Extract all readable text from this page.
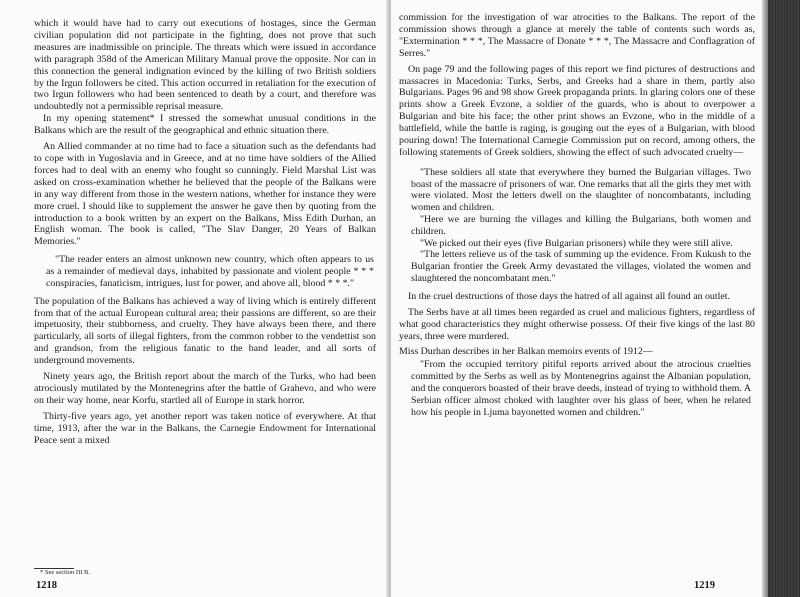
which it would have had to carry out executions of hostages, since the German civilian population did not participate in the fighting, does not prove that such measures are inadmissible on principle. The threats which were issued in accordance with paragraph 358d of the American Military Manual prove the opposite. Nor can in this connection the general indignation evinced by the killing of two British soldiers by the Irgun followers be cited. This action occurred in retaliation for the execution of two Irgun followers who had been sentenced to death by a court, and therefore was undoubtedly not a permissible reprisal measure.

In my opening statement* I stressed the somewhat unusual conditions in the Balkans which are the result of the geographical and ethnic situation there.

An Allied commander at no time had to face a situation such as the defendants had to cope with in Yugoslavia and in Greece, and at no time have soldiers of the Allied forces had to deal with an enemy who fought so cunningly. Field Marshal List was asked on cross-examination whether he believed that the people of the Balkans were in any way different from those in the western nations, whether for instance they were more cruel. I should like to supplement the answer he gave then by quoting from the introduction to a book written by an expert on the Balkans, Miss Edith Durhan, an English woman. The book is called, "The Slav Danger, 20 Years of Balkan Memories."

"The reader enters an almost unknown new country, which often appears to us as a remainder of medieval days, inhabited by passionate and violent people * * * conspiracies, fanaticism, intrigues, lust for power, and above all, blood * * *."

The population of the Balkans has achieved a way of living which is entirely different from that of the actual European cultural area; their passions are different, so are their impetuosity, their stubborness, and cruelty. They have always been there, and there particularly, all sorts of illegal fighters, from the common robber to the vendettist son and grandson, from the religious fanatic to the band leader, and all sorts of underground movements.

Ninety years ago, the British report about the march of the Turks, who had been atrociously mutilated by the Montenegrins after the battle of Grahevo, and who were on their way home, near Korfu, startled all of Europe in stark horror.

Thirty-five years ago, yet another report was taken notice of everywhere. At that time, 1913, after the war in the Balkans, the Carnegie Endowment for International Peace sent a mixed

* See section III B.
1218

commission for the investigation of war atrocities to the Balkans. The report of the commission shows through a glance at merely the table of contents such words as, "Extermination * * *, The Massacre of Donate * * *, The Massacre and Conflagration of Serres."

On page 79 and the following pages of this report we find pictures of destructions and massacres in Macedonia: Turks, Serbs, and Greeks had a share in them, partly also Bulgarians. Pages 96 and 98 show Greek propaganda prints. In glaring colors one of these prints show a Greek Evzone, a soldier of the guards, who is about to overpower a Bulgarian and bite his face; the other print shows an Evzone, who in the middle of a battlefield, while the battle is raging, is gouging out the eyes of a Bulgarian, with blood pouring down! The International Carnegie Commission put on record, among others, the following statements of Greek soldiers, showing the effect of such advocated cruelty—

"These soldiers all state that everywhere they burned the Bulgarian villages. Two boast of the massacre of prisoners of war. One remarks that all the girls they met with were violated. Most the letters dwell on the slaughter of noncombatants, including women and children.

"Here we are burning the villages and killing the Bulgarians, both women and children.

"We picked out their eyes (five Bulgarian prisoners) while they were still alive.

"The letters relieve us of the task of summing up the evidence. From Kukush to the Bulgarian frontier the Greek Army devastated the villages, violated the women and slaughtered the noncombatant men."

In the cruel destructions of those days the hatred of all against all found an outlet.

The Serbs have at all times been regarded as cruel and malicious fighters, regardless of what good characteristics they might otherwise possess. Of their five kings of the last 80 years, three were murdered.

Miss Durhan describes in her Balkan memoirs events of 1912—

"From the occupied territory pitiful reports arrived about the atrocious cruelties committed by the Serbs as well as by Montenegrins against the Albanian population, and the conquerors boasted of their brave deeds, instead of trying to withhold them. A Serbian officer almost choked with laughter over his glass of beer, when he related how his people in Ljuma bayonetted women and children."

1219
